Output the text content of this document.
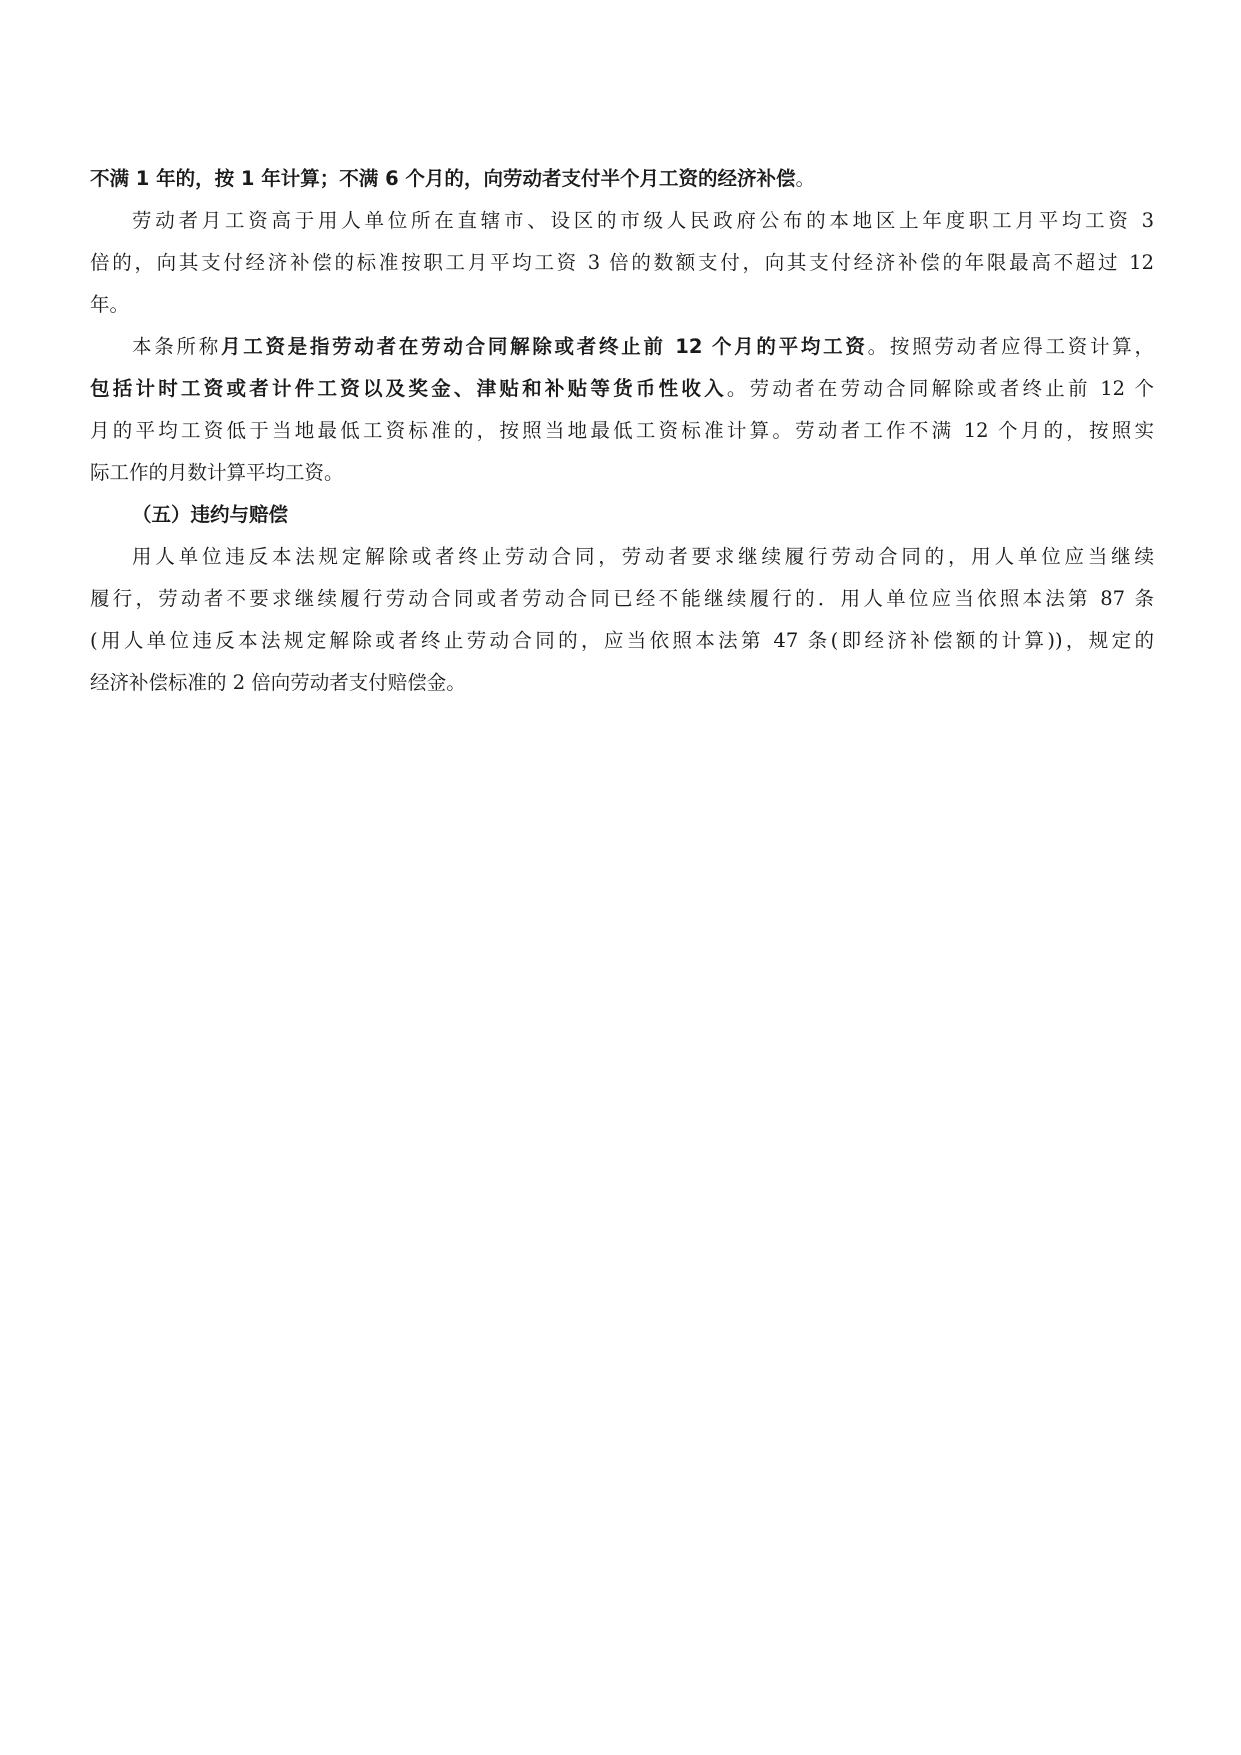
不满 1 年的，按 1 年计算；不满 6 个月的，向劳动者支付半个月工资的经济补偿。
劳动者月工资高于用人单位所在直辖市、设区的市级人民政府公布的本地区上年度职工月平均工资 3
倍的，向其支付经济补偿的标准按职工月平均工资 3 倍的数额支付，向其支付经济补偿的年限最高不超过 12
年。
本条所称月工资是指劳动者在劳动合同解除或者终止前 12 个月的平均工资。按照劳动者应得工资计算，
包括计时工资或者计件工资以及奖金、津贴和补贴等货币性收入。劳动者在劳动合同解除或者终止前 12 个
月的平均工资低于当地最低工资标准的，按照当地最低工资标准计算。劳动者工作不满 12 个月的，按照实
际工作的月数计算平均工资。
（五）违约与赔偿
用人单位违反本法规定解除或者终止劳动合同，劳动者要求继续履行劳动合同的，用人单位应当继续
履行，劳动者不要求继续履行劳动合同或者劳动合同已经不能继续履行的．用人单位应当依照本法第 87 条
(用人单位违反本法规定解除或者终止劳动合同的，应当依照本法第 47 条(即经济补偿额的计算))，规定的
经济补偿标准的 2 倍向劳动者支付赔偿金。
